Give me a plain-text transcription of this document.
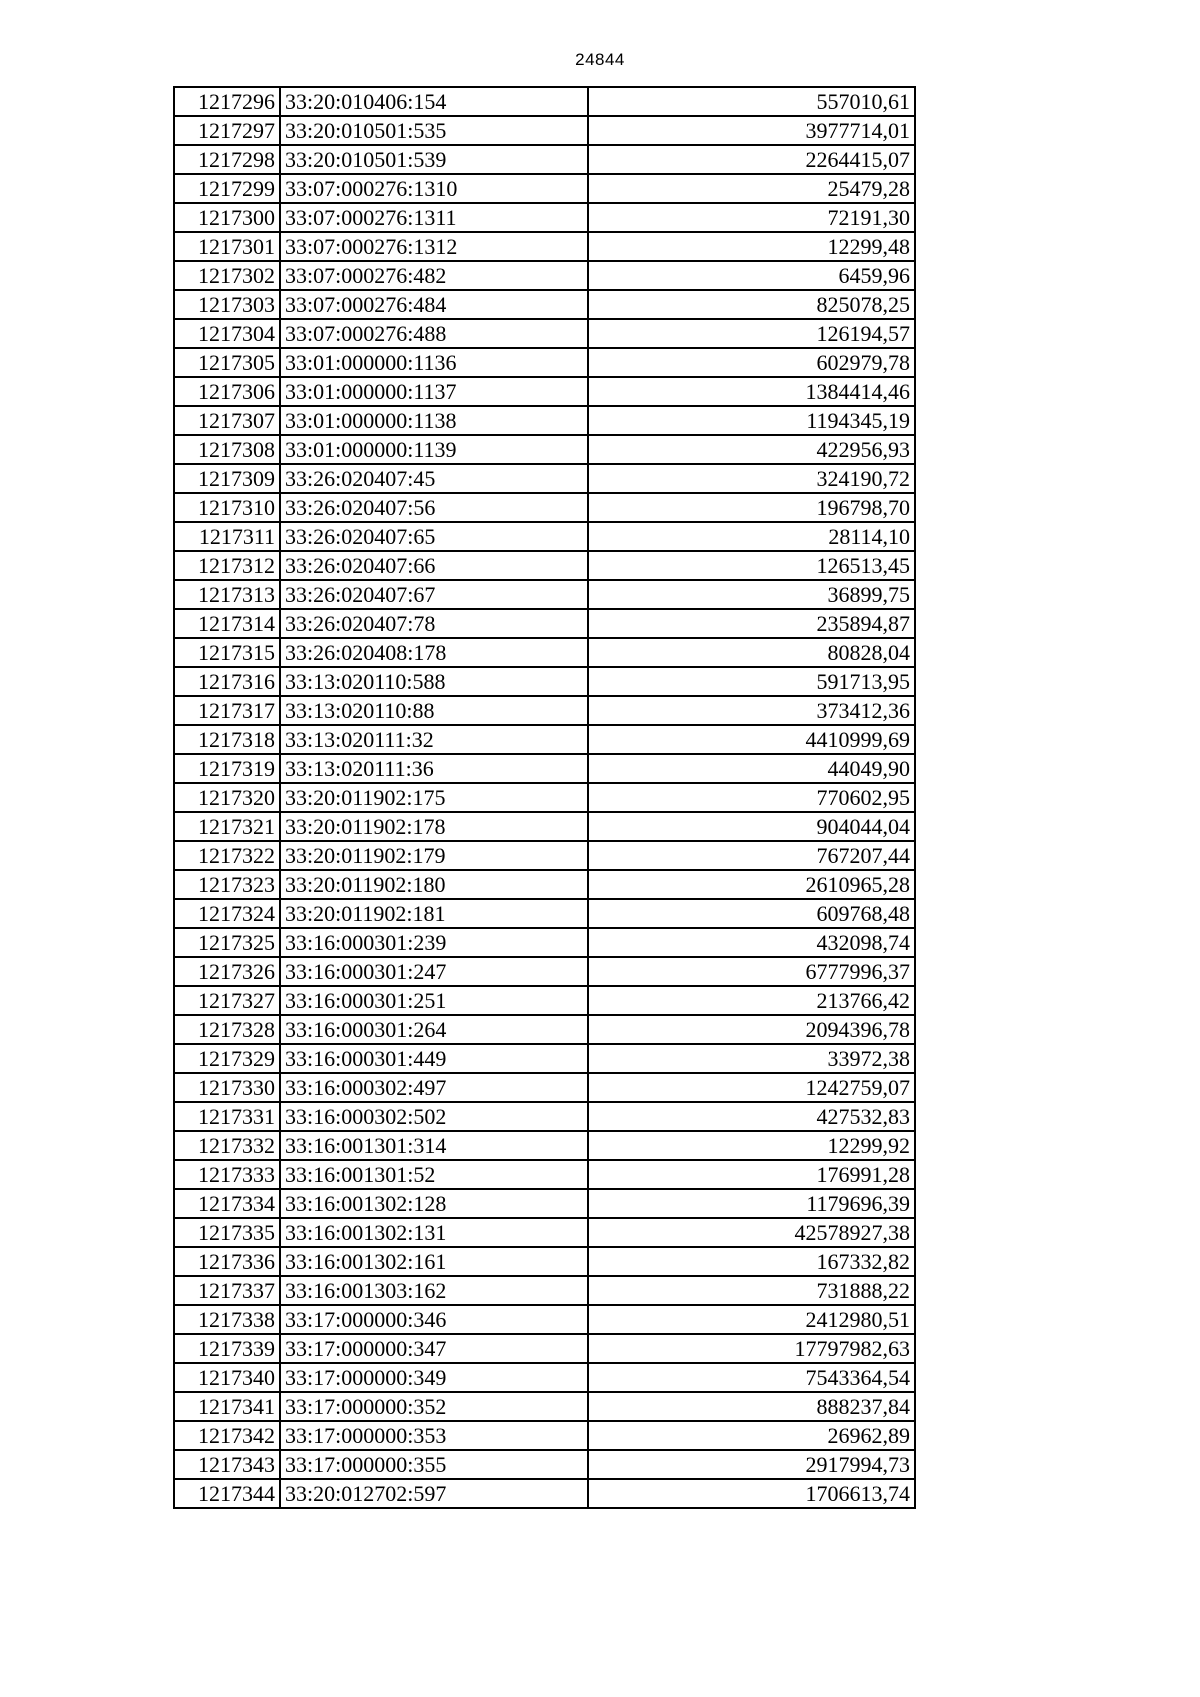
24844
1217296	33:20:010406:154	557010,61
1217297	33:20:010501:535	3977714,01
1217298	33:20:010501:539	2264415,07
1217299	33:07:000276:1310	25479,28
1217300	33:07:000276:1311	72191,30
1217301	33:07:000276:1312	12299,48
1217302	33:07:000276:482	6459,96
1217303	33:07:000276:484	825078,25
1217304	33:07:000276:488	126194,57
1217305	33:01:000000:1136	602979,78
1217306	33:01:000000:1137	1384414,46
1217307	33:01:000000:1138	1194345,19
1217308	33:01:000000:1139	422956,93
1217309	33:26:020407:45	324190,72
1217310	33:26:020407:56	196798,70
1217311	33:26:020407:65	28114,10
1217312	33:26:020407:66	126513,45
1217313	33:26:020407:67	36899,75
1217314	33:26:020407:78	235894,87
1217315	33:26:020408:178	80828,04
1217316	33:13:020110:588	591713,95
1217317	33:13:020110:88	373412,36
1217318	33:13:020111:32	4410999,69
1217319	33:13:020111:36	44049,90
1217320	33:20:011902:175	770602,95
1217321	33:20:011902:178	904044,04
1217322	33:20:011902:179	767207,44
1217323	33:20:011902:180	2610965,28
1217324	33:20:011902:181	609768,48
1217325	33:16:000301:239	432098,74
1217326	33:16:000301:247	6777996,37
1217327	33:16:000301:251	213766,42
1217328	33:16:000301:264	2094396,78
1217329	33:16:000301:449	33972,38
1217330	33:16:000302:497	1242759,07
1217331	33:16:000302:502	427532,83
1217332	33:16:001301:314	12299,92
1217333	33:16:001301:52	176991,28
1217334	33:16:001302:128	1179696,39
1217335	33:16:001302:131	42578927,38
1217336	33:16:001302:161	167332,82
1217337	33:16:001303:162	731888,22
1217338	33:17:000000:346	2412980,51
1217339	33:17:000000:347	17797982,63
1217340	33:17:000000:349	7543364,54
1217341	33:17:000000:352	888237,84
1217342	33:17:000000:353	26962,89
1217343	33:17:000000:355	2917994,73
1217344	33:20:012702:597	1706613,74
